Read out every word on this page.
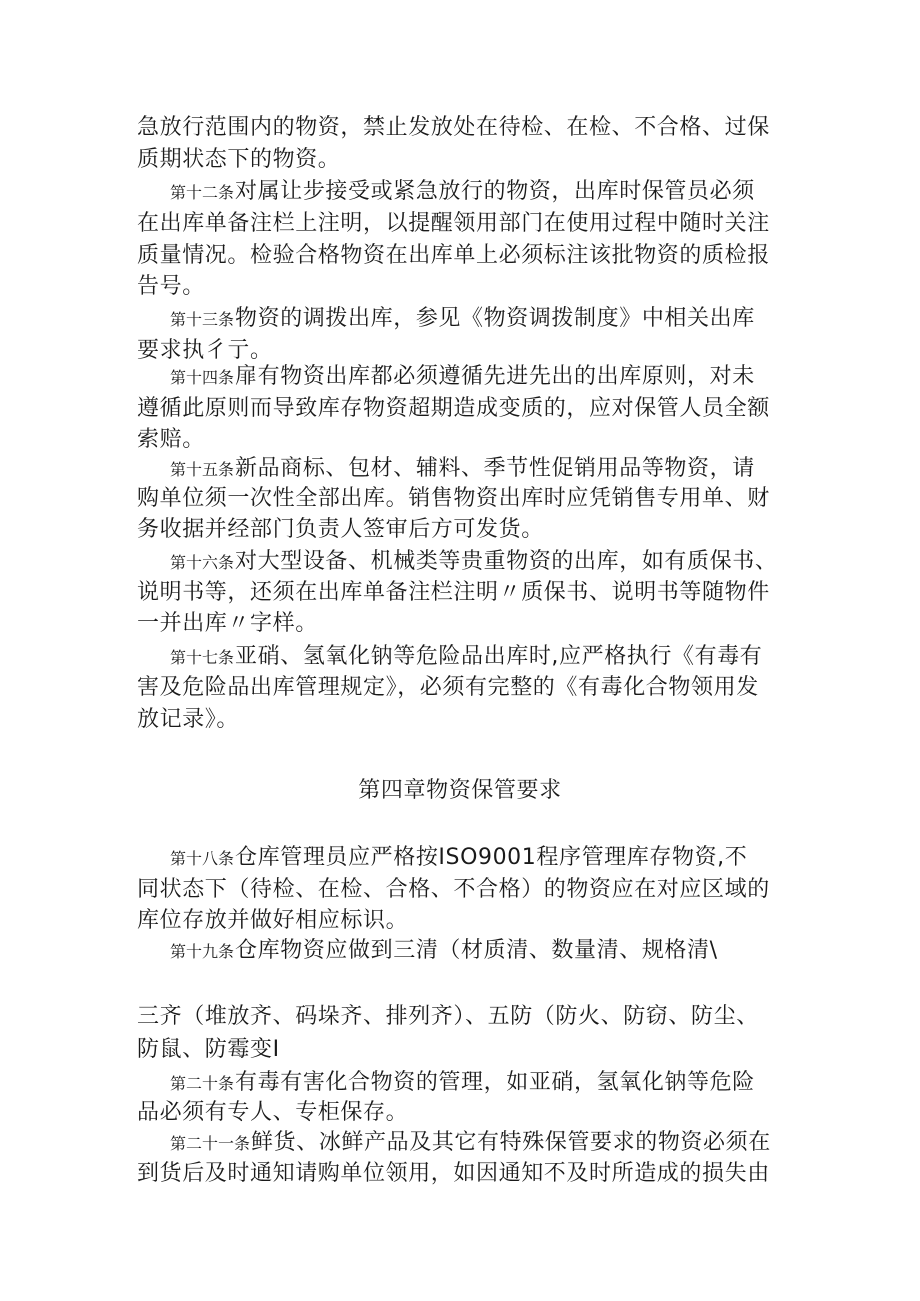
急放行范围内的物资，禁止发放处在待检、在检、不合格、过保
质期状态下的物资。
第十二条对属让步接受或紧急放行的物资，出库时保管员必须
在出库单备注栏上注明，以提醒领用部门在使用过程中随时关注
质量情况。检验合格物资在出库单上必须标注该批物资的质检报
告号。
第十三条物资的调拨出库，参见《物资调拨制度》中相关出库
要求执彳亍。
第十四条扉有物资出库都必须遵循先进先出的出库原则，对未
遵循此原则而导致库存物资超期造成变质的，应对保管人员全额
索赔。
第十五条新品商标、包材、辅料、季节性促销用品等物资，请
购单位须一次性全部出库。销售物资出库时应凭销售专用单、财
务收据并经部门负责人签审后方可发货。
第十六条对大型设备、机械类等贵重物资的出库，如有质保书、
说明书等，还须在出库单备注栏注明〃质保书、说明书等随物件
一并出库〃字样。
第十七条亚硝、氢氧化钠等危险品出库时,应严格执行《有毒有
害及危险品出库管理规定》，必须有完整的《有毒化合物领用发
放记录》。
第四章物资保管要求
第十八条仓库管理员应严格按ISO9001程序管理库存物资,不
同状态下（待检、在检、合格、不合格）的物资应在对应区域的
库位存放并做好相应标识。
第十九条仓库物资应做到三清（材质清、数量清、规格清\
三齐（堆放齐、码垛齐、排列齐）、五防（防火、防窃、防尘、
防鼠、防霉变I
第二十条有毒有害化合物资的管理，如亚硝，氢氧化钠等危险
品必须有专人、专柜保存。
第二十一条鲜货、冰鲜产品及其它有特殊保管要求的物资必须在
到货后及时通知请购单位领用，如因通知不及时所造成的损失由
